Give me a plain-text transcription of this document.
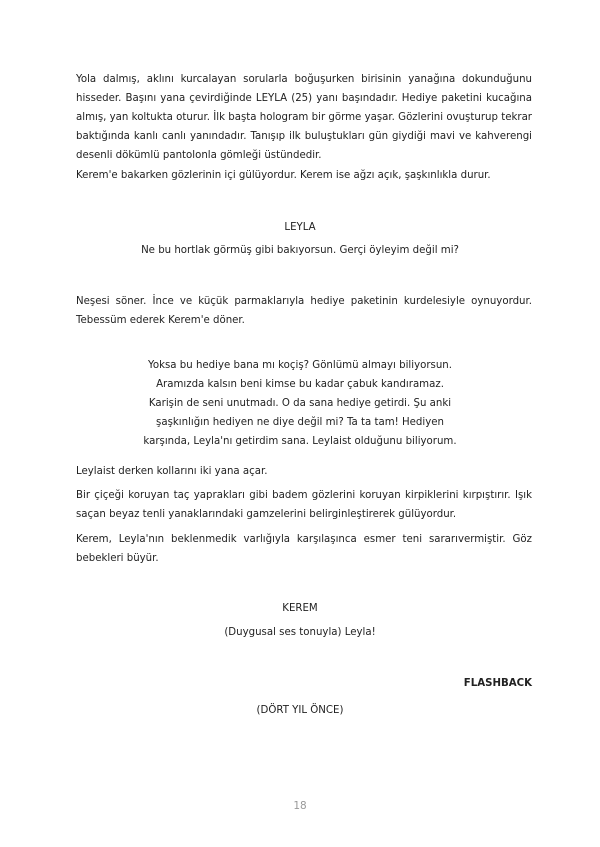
Yola dalmış, aklını kurcalayan sorularla boğuşurken birisinin yanağına dokunduğunu hisseder. Başını yana çevirdiğinde LEYLA (25) yanı başındadır. Hediye paketini kucağına almış, yan koltukta oturur. İlk başta hologram bir görme yaşar. Gözlerini ovuşturup tekrar baktığında kanlı canlı yanındadır. Tanışıp ilk buluştukları gün giydiği mavi ve kahverengi desenli dökümlü pantolonla gömleği üstündedir.

Kerem'e bakarken gözlerinin içi gülüyordur. Kerem ise ağzı açık, şaşkınlıkla durur.

LEYLA

Ne bu hortlak görmüş gibi bakıyorsun. Gerçi öyleyim değil mi?

Neşesi söner. İnce ve küçük parmaklarıyla hediye paketinin kurdelesiyle oynuyordur. Tebessüm ederek Kerem'e döner.

Yoksa bu hediye bana mı koçiş? Gönlümü almayı biliyorsun. Aramızda kalsın beni kimse bu kadar çabuk kandıramaz. Karişin de seni unutmadı. O da sana hediye getirdi. Şu anki şaşkınlığın hediyen ne diye değil mi? Ta ta tam! Hediyen karşında, Leyla'nı getirdim sana. Leylaist olduğunu biliyorum.

Leylaist derken kollarını iki yana açar.

Bir çiçeği koruyan taç yaprakları gibi badem gözlerini koruyan kirpiklerini kırpıştırır. Işık saçan beyaz tenli yanaklarındaki gamzelerini belirginleştirerek gülüyordur.

Kerem, Leyla'nın beklenmedik varlığıyla karşılaşınca esmer teni sararıvermiştir. Göz bebekleri büyür.

KEREM

(Duygusal ses tonuyla) Leyla!

FLASHBACK

(DÖRT YIL ÖNCE)

18
